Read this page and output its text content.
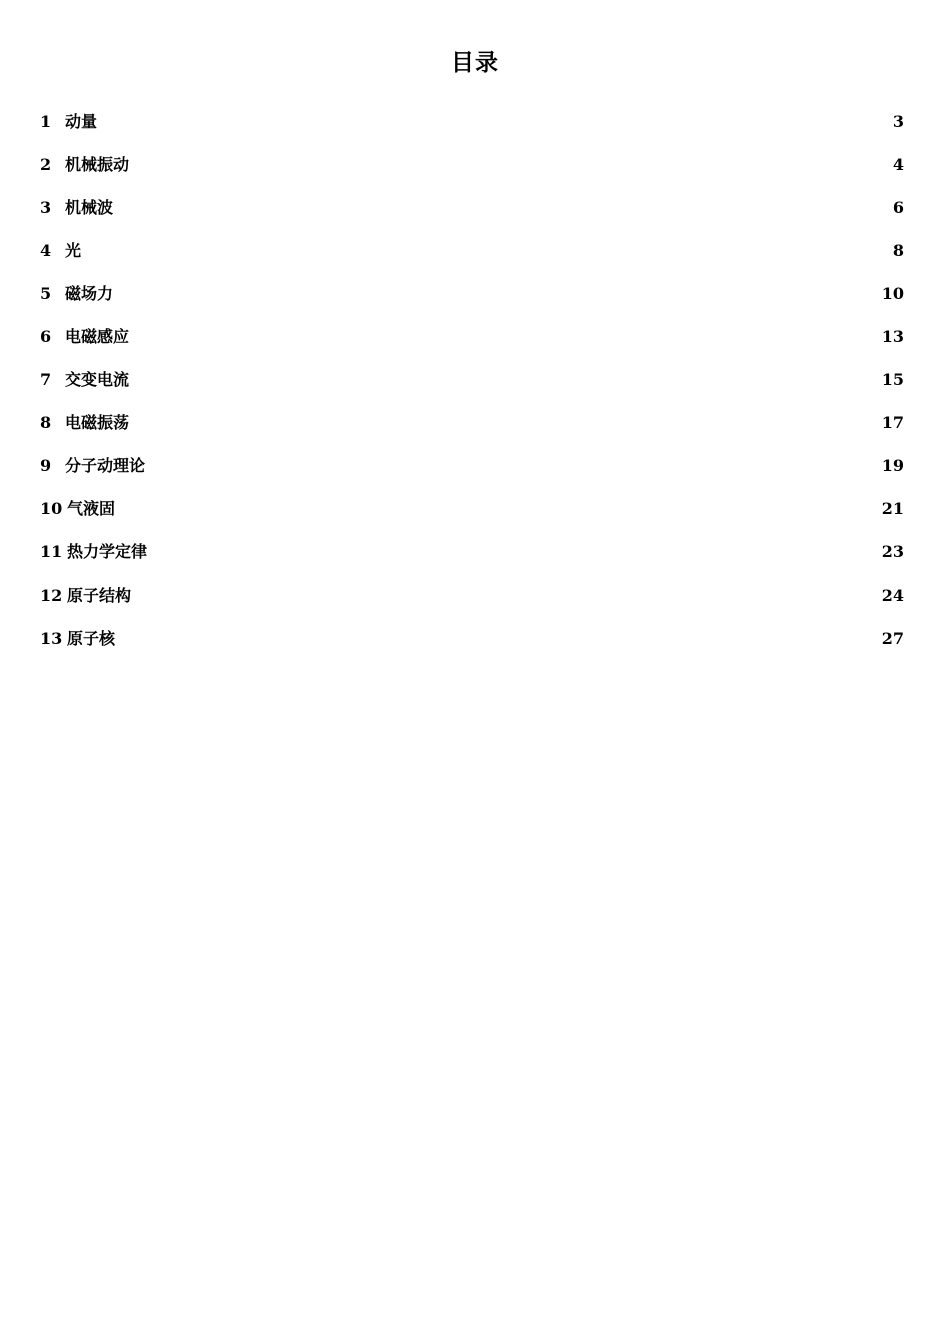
目录
1 动量	3
2 机械振动	4
3 机械波	6
4 光	8
5 磁场力	10
6 电磁感应	13
7 交变电流	15
8 电磁振荡	17
9 分子动理论	19
10 气液固	21
11 热力学定律	23
12 原子结构	24
13 原子核	27
